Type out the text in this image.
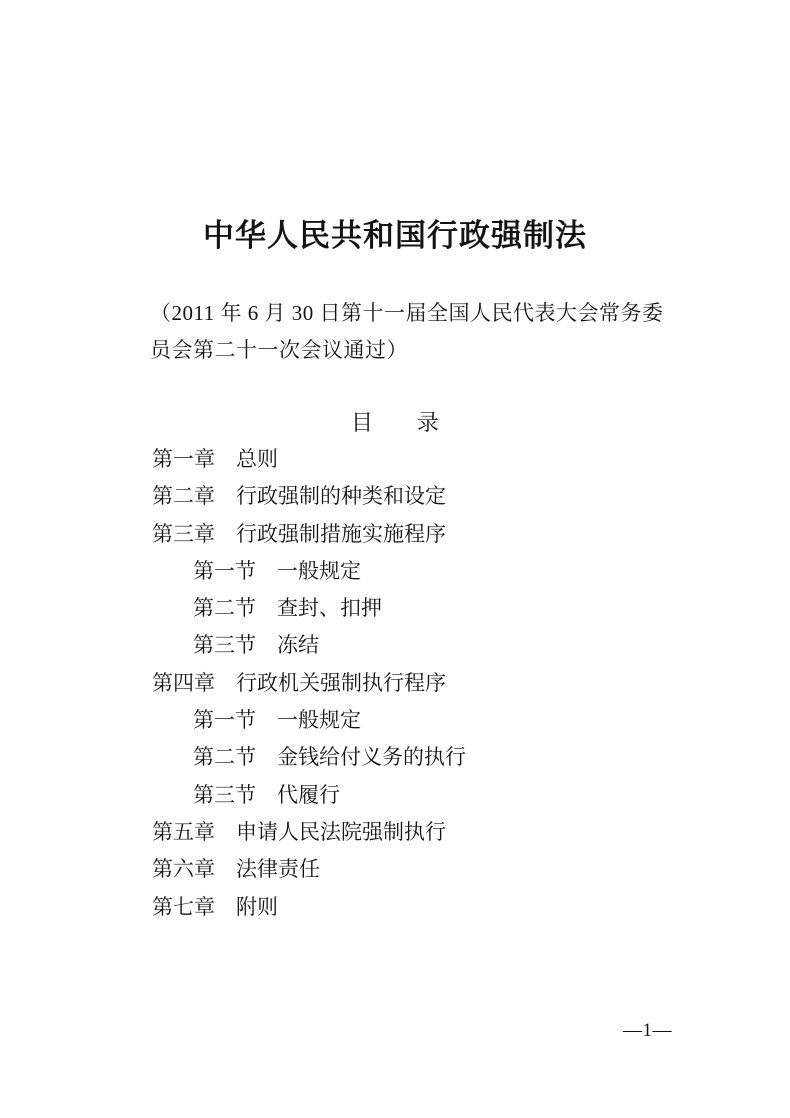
中华人民共和国行政强制法
（2011 年 6 月 30 日第十一届全国人民代表大会常务委
员会第二十一次会议通过）
目　　录
第一章 总则
第二章 行政强制的种类和设定
第三章 行政强制措施实施程序
第一节 一般规定
第二节 查封、扣押
第三节 冻结
第四章 行政机关强制执行程序
第一节 一般规定
第二节 金钱给付义务的执行
第三节 代履行
第五章 申请人民法院强制执行
第六章 法律责任
第七章 附则
—1—
